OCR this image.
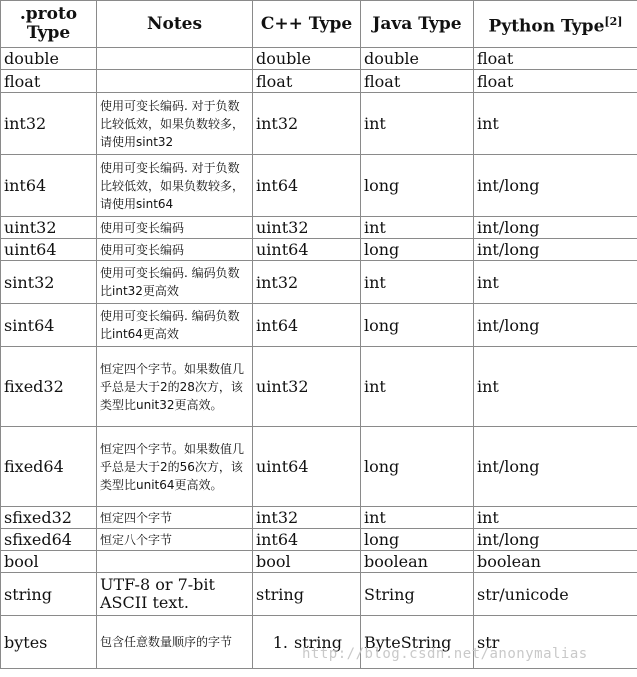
.proto Type	Notes	C++ Type	Java Type	Python Type[2]
double		double	double	float
float		float	float	float
int32	使用可变长编码. 对于负数比较低效，如果负数较多，请使用sint32	int32	int	int
int64	使用可变长编码. 对于负数比较低效，如果负数较多，请使用sint64	int64	long	int/long
uint32	使用可变长编码	uint32	int	int/long
uint64	使用可变长编码	uint64	long	int/long
sint32	使用可变长编码. 编码负数比int32更高效	int32	int	int
sint64	使用可变长编码. 编码负数比int64更高效	int64	long	int/long
fixed32	恒定四个字节。如果数值几乎总是大于2的28次方，该类型比unit32更高效。	uint32	int	int
fixed64	恒定四个字节。如果数值几乎总是大于2的56次方，该类型比unit64更高效。	uint64	long	int/long
sfixed32	恒定四个字节	int32	int	int
sfixed64	恒定八个字节	int64	long	int/long
bool		bool	boolean	boolean
string	UTF-8 or 7-bit ASCII text.	string	String	str/unicode
bytes	包含任意数量顺序的字节	1. string	ByteString	str
http://blog.csdn.net/anonymalias
